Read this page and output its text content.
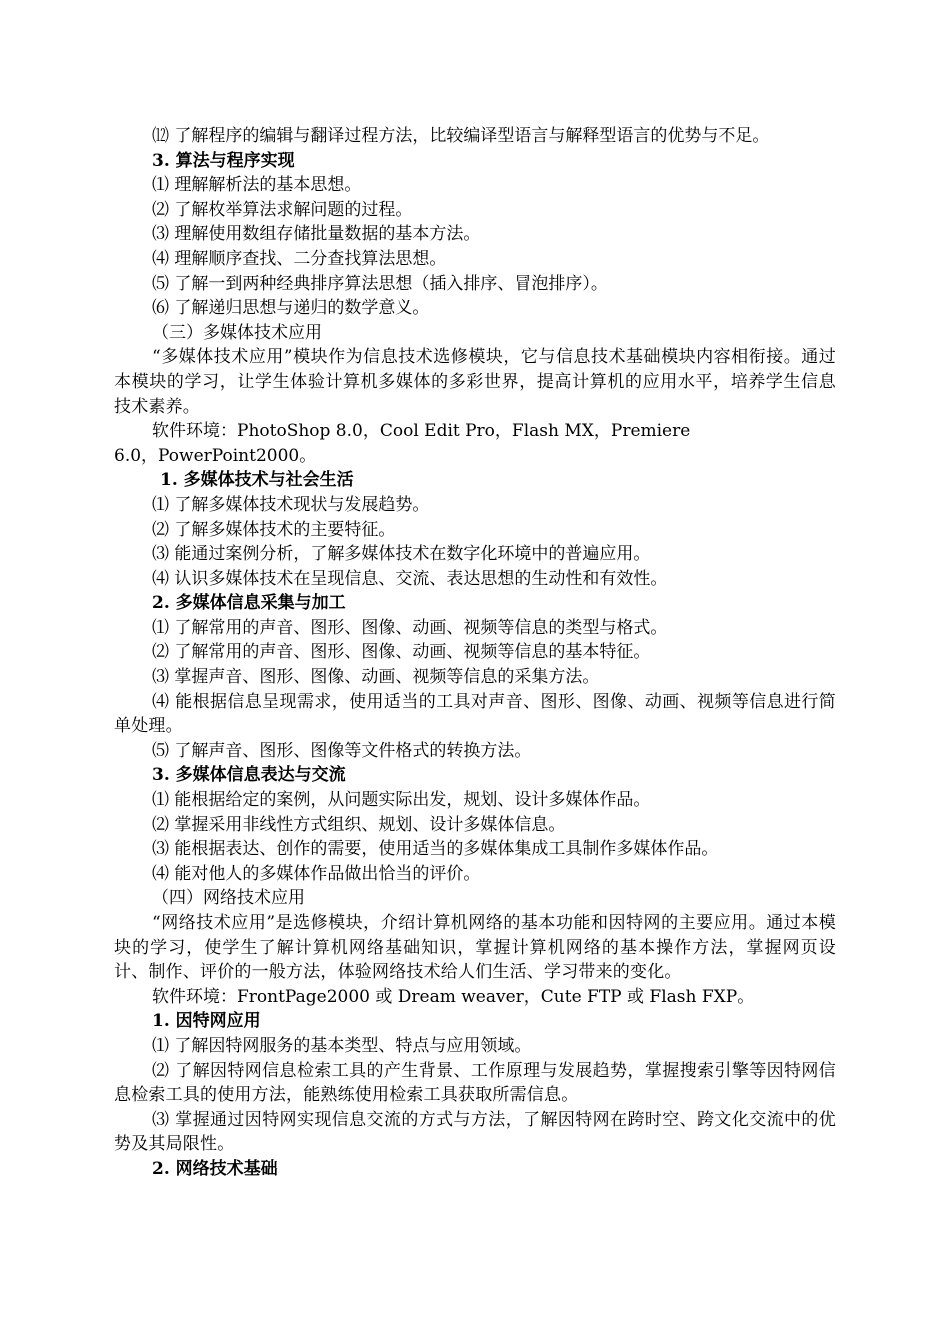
⑿ 了解程序的编辑与翻译过程方法，比较编译型语言与解释型语言的优势与不足。
3. 算法与程序实现
⑴ 理解解析法的基本思想。
⑵ 了解枚举算法求解问题的过程。
⑶ 理解使用数组存储批量数据的基本方法。
⑷ 理解顺序查找、二分查找算法思想。
⑸ 了解一到两种经典排序算法思想（插入排序、冒泡排序）。
⑹ 了解递归思想与递归的数学意义。
（三）多媒体技术应用
“多媒体技术应用”模块作为信息技术选修模块，它与信息技术基础模块内容相衔接。通过本模块的学习，让学生体验计算机多媒体的多彩世界，提高计算机的应用水平，培养学生信息技术素养。
软件环境：PhotoShop 8.0，Cool Edit Pro，Flash MX，Premiere
6.0，PowerPoint2000。
1. 多媒体技术与社会生活
⑴ 了解多媒体技术现状与发展趋势。
⑵ 了解多媒体技术的主要特征。
⑶ 能通过案例分析，了解多媒体技术在数字化环境中的普遍应用。
⑷ 认识多媒体技术在呈现信息、交流、表达思想的生动性和有效性。
2. 多媒体信息采集与加工
⑴ 了解常用的声音、图形、图像、动画、视频等信息的类型与格式。
⑵ 了解常用的声音、图形、图像、动画、视频等信息的基本特征。
⑶ 掌握声音、图形、图像、动画、视频等信息的采集方法。
⑷ 能根据信息呈现需求，使用适当的工具对声音、图形、图像、动画、视频等信息进行简单处理。
⑸ 了解声音、图形、图像等文件格式的转换方法。
3. 多媒体信息表达与交流
⑴ 能根据给定的案例，从问题实际出发，规划、设计多媒体作品。
⑵ 掌握采用非线性方式组织、规划、设计多媒体信息。
⑶ 能根据表达、创作的需要，使用适当的多媒体集成工具制作多媒体作品。
⑷ 能对他人的多媒体作品做出恰当的评价。
（四）网络技术应用
“网络技术应用”是选修模块，介绍计算机网络的基本功能和因特网的主要应用。通过本模块的学习，使学生了解计算机网络基础知识，掌握计算机网络的基本操作方法，掌握网页设计、制作、评价的一般方法，体验网络技术给人们生活、学习带来的变化。
软件环境：FrontPage2000 或 Dream weaver，Cute FTP 或 Flash FXP。
1. 因特网应用
⑴ 了解因特网服务的基本类型、特点与应用领域。
⑵ 了解因特网信息检索工具的产生背景、工作原理与发展趋势，掌握搜索引擎等因特网信息检索工具的使用方法，能熟练使用检索工具获取所需信息。
⑶ 掌握通过因特网实现信息交流的方式与方法，了解因特网在跨时空、跨文化交流中的优势及其局限性。
2. 网络技术基础
